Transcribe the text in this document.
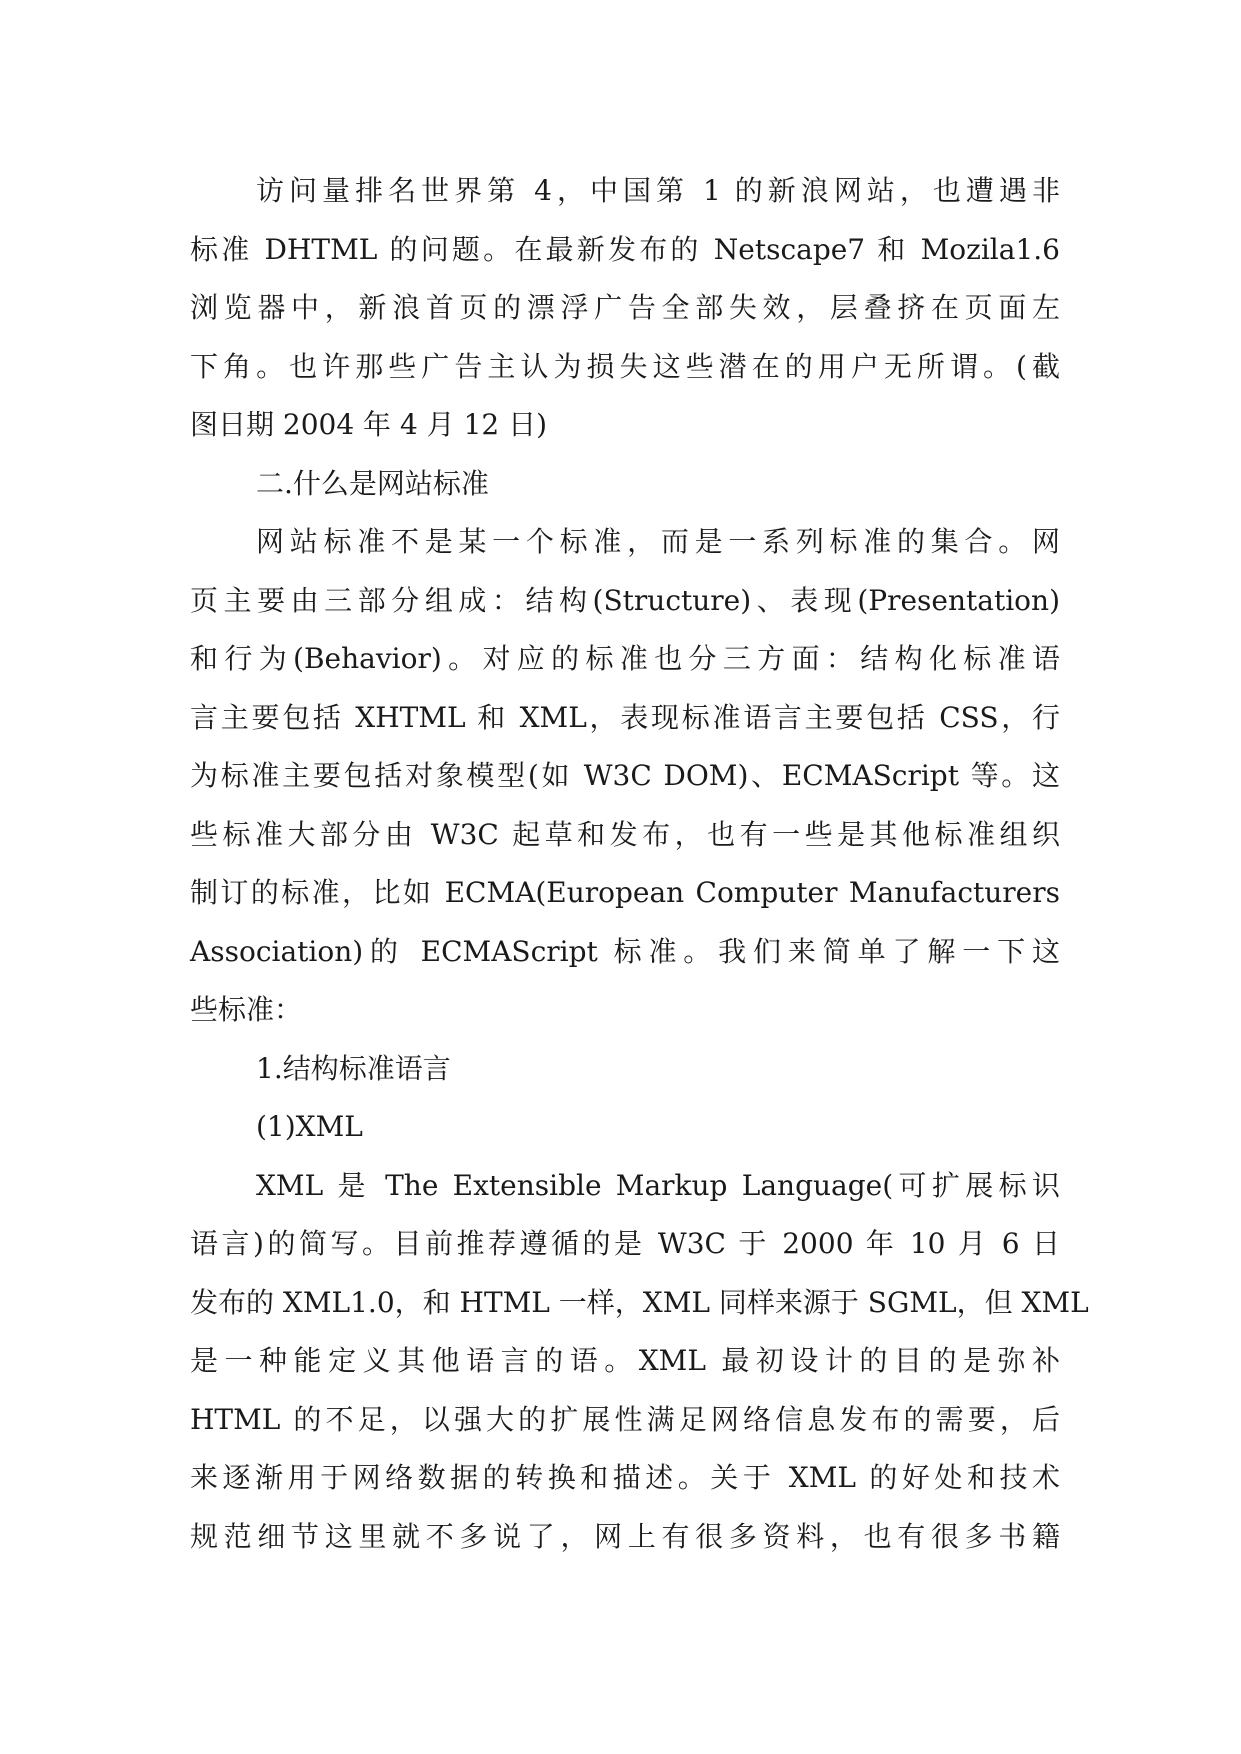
访问量排名世界第 4，中国第 1 的新浪网站，也遭遇非
标准 DHTML 的问题。在最新发布的 Netscape7 和 Mozila1.6
浏览器中，新浪首页的漂浮广告全部失效，层叠挤在页面左
下角。也许那些广告主认为损失这些潜在的用户无所谓。(截
图日期 2004 年 4 月 12 日)
二.什么是网站标准
网站标准不是某一个标准，而是一系列标准的集合。网
页主要由三部分组成：结构(Structure)、表现(Presentation)
和行为(Behavior)。对应的标准也分三方面：结构化标准语
言主要包括 XHTML 和 XML，表现标准语言主要包括 CSS，行
为标准主要包括对象模型(如 W3C DOM)、ECMAScript 等。这
些标准大部分由 W3C 起草和发布，也有一些是其他标准组织
制订的标准，比如 ECMA(European Computer Manufacturers
Association)的 ECMAScript 标准。我们来简单了解一下这
些标准：
1.结构标准语言
(1)XML
XML 是 The Extensible Markup Language(可扩展标识
语言)的简写。目前推荐遵循的是 W3C 于 2000 年 10 月 6 日
发布的 XML1.0，和 HTML 一样，XML 同样来源于 SGML，但 XML
是一种能定义其他语言的语。XML 最初设计的目的是弥补
HTML 的不足，以强大的扩展性满足网络信息发布的需要，后
来逐渐用于网络数据的转换和描述。关于 XML 的好处和技术
规范细节这里就不多说了，网上有很多资料，也有很多书籍
